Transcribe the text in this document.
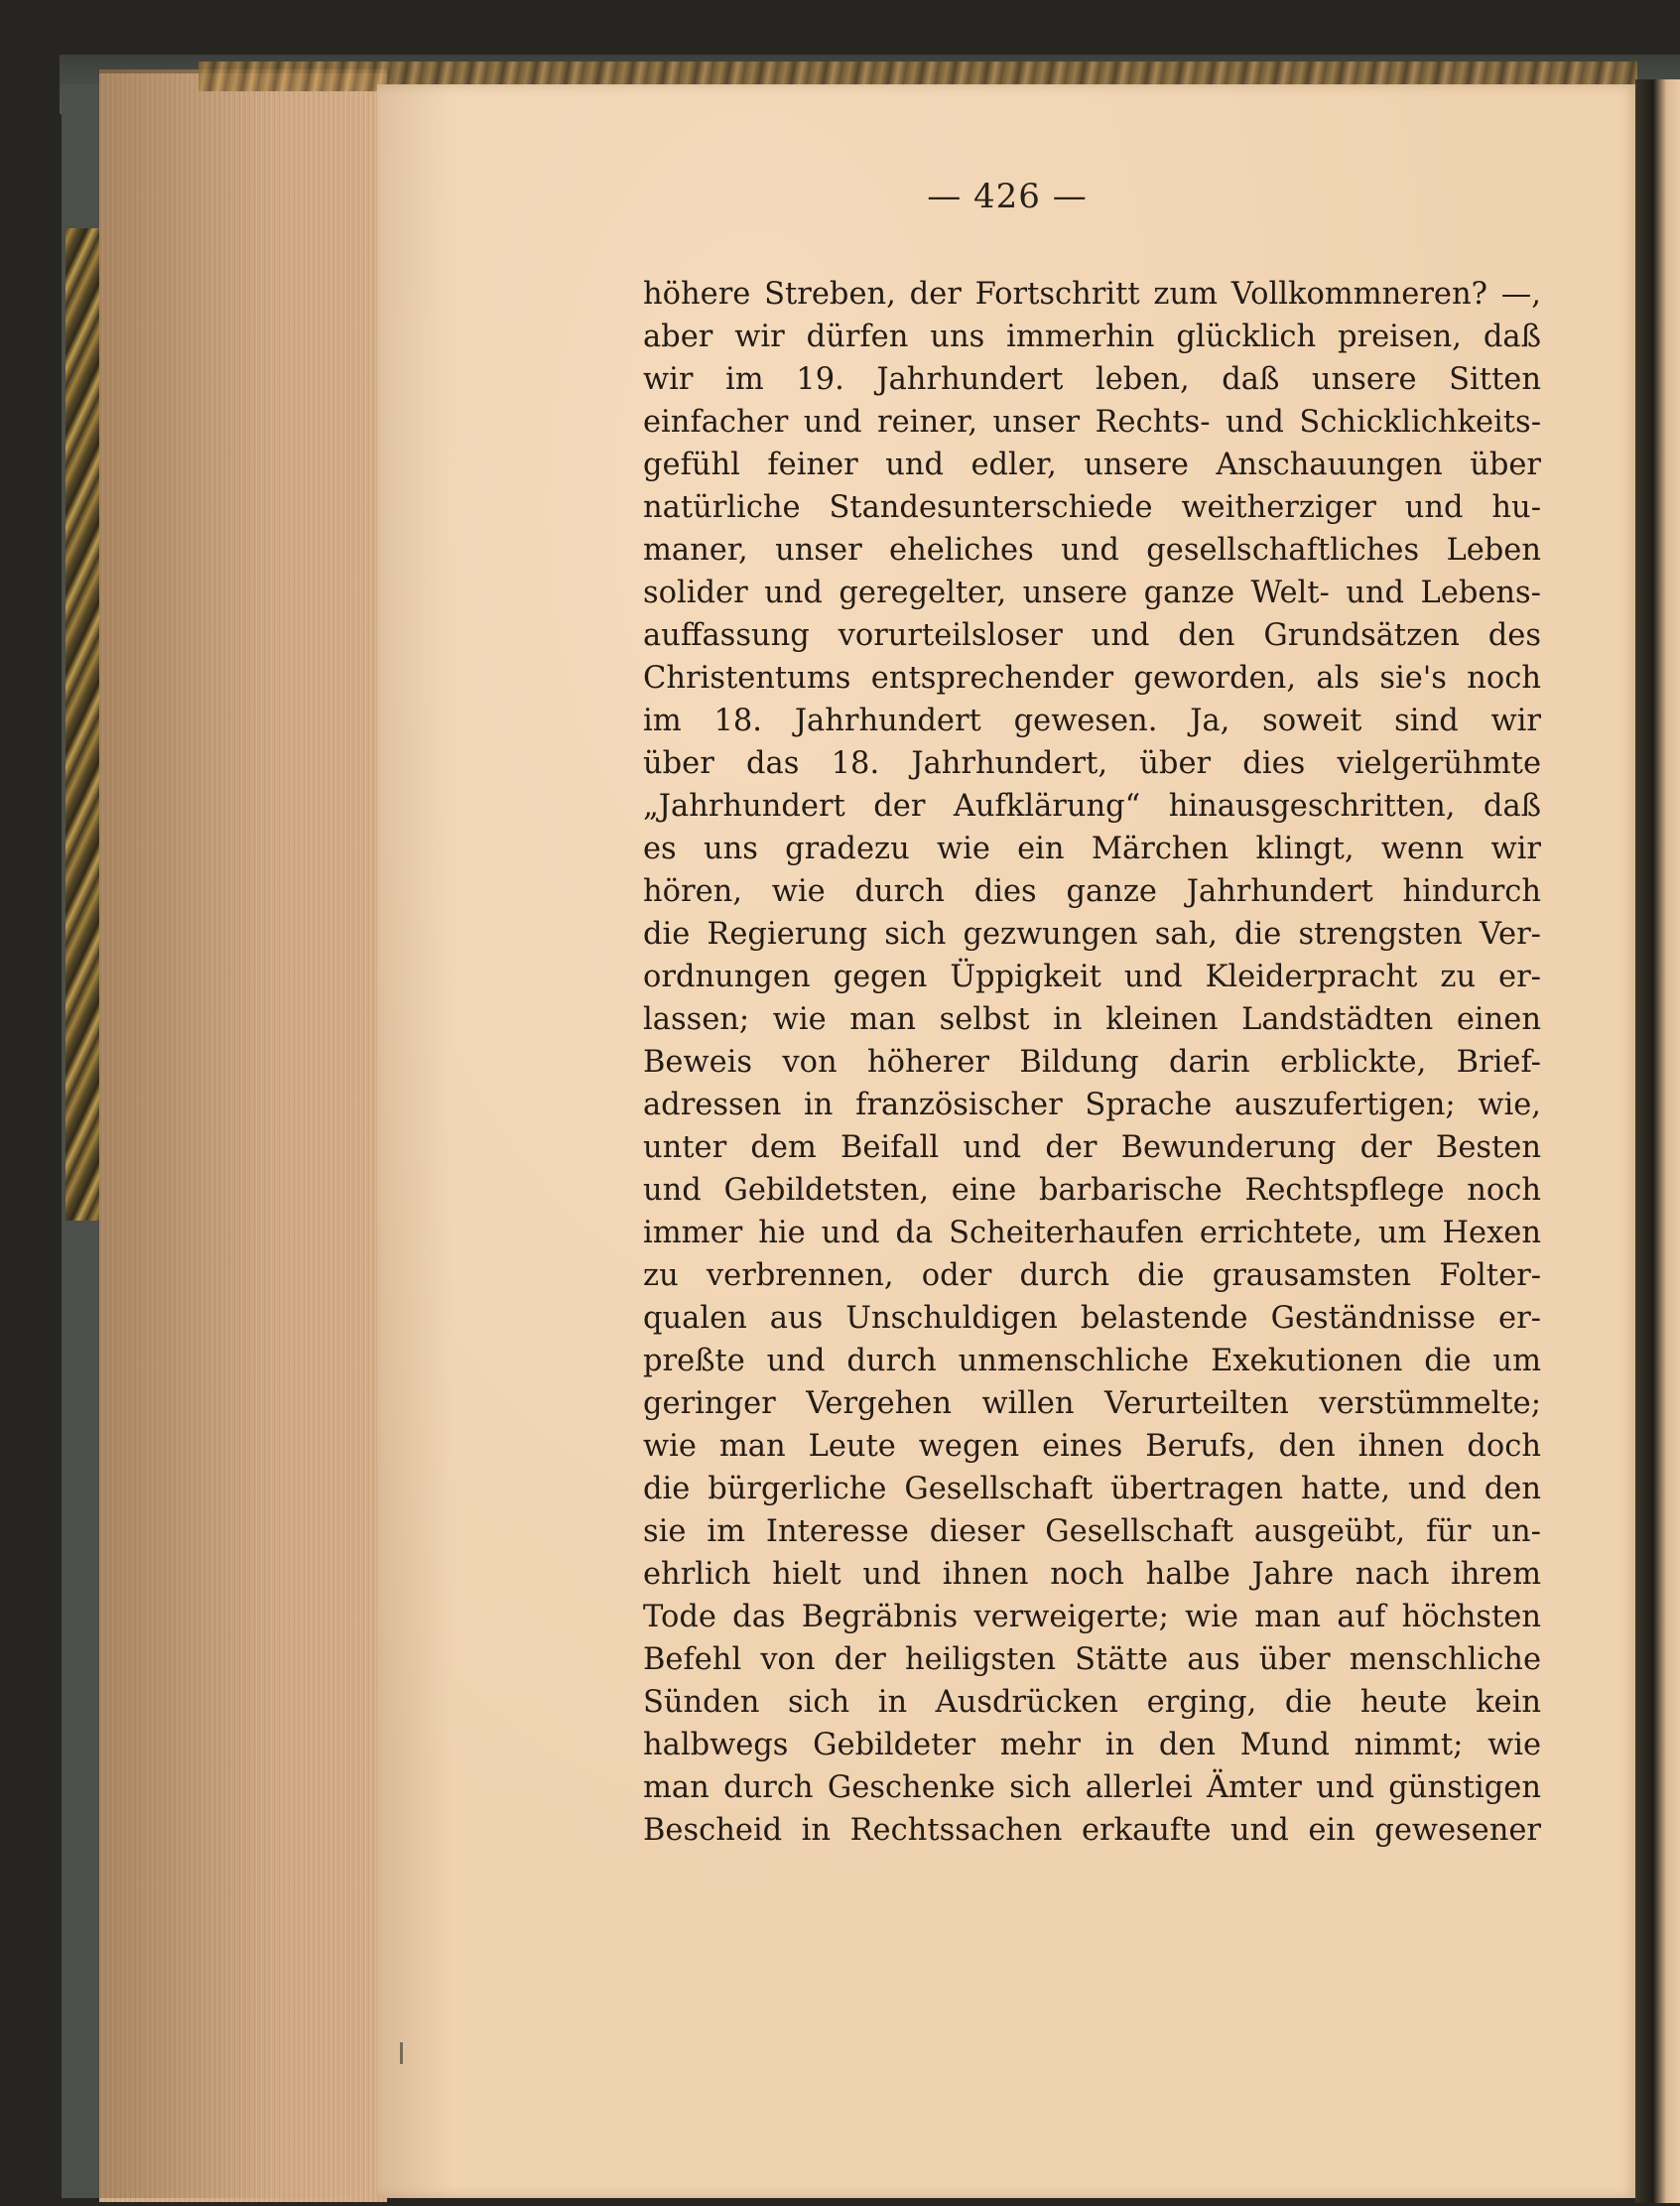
— 426 —
höhere Streben, der Fortschritt zum Vollkommneren? —,
aber wir dürfen uns immerhin glücklich preisen, daß
wir im 19. Jahrhundert leben, daß unsere Sitten
einfacher und reiner, unser Rechts- und Schicklichkeits-
gefühl feiner und edler, unsere Anschauungen über
natürliche Standesunterschiede weitherziger und hu-
maner, unser eheliches und gesellschaftliches Leben
solider und geregelter, unsere ganze Welt- und Lebens-
auffassung vorurteilsloser und den Grundsätzen des
Christentums entsprechender geworden, als sie's noch
im 18. Jahrhundert gewesen. Ja, soweit sind wir
über das 18. Jahrhundert, über dies vielgerühmte
„Jahrhundert der Aufklärung“ hinausgeschritten, daß
es uns gradezu wie ein Märchen klingt, wenn wir
hören, wie durch dies ganze Jahrhundert hindurch
die Regierung sich gezwungen sah, die strengsten Ver-
ordnungen gegen Üppigkeit und Kleiderpracht zu er-
lassen; wie man selbst in kleinen Landstädten einen
Beweis von höherer Bildung darin erblickte, Brief-
adressen in französischer Sprache auszufertigen; wie,
unter dem Beifall und der Bewunderung der Besten
und Gebildetsten, eine barbarische Rechtspflege noch
immer hie und da Scheiterhaufen errichtete, um Hexen
zu verbrennen, oder durch die grausamsten Folter-
qualen aus Unschuldigen belastende Geständnisse er-
preßte und durch unmenschliche Exekutionen die um
geringer Vergehen willen Verurteilten verstümmelte;
wie man Leute wegen eines Berufs, den ihnen doch
die bürgerliche Gesellschaft übertragen hatte, und den
sie im Interesse dieser Gesellschaft ausgeübt, für un-
ehrlich hielt und ihnen noch halbe Jahre nach ihrem
Tode das Begräbnis verweigerte; wie man auf höchsten
Befehl von der heiligsten Stätte aus über menschliche
Sünden sich in Ausdrücken erging, die heute kein
halbwegs Gebildeter mehr in den Mund nimmt; wie
man durch Geschenke sich allerlei Ämter und günstigen
Bescheid in Rechtssachen erkaufte und ein gewesener
